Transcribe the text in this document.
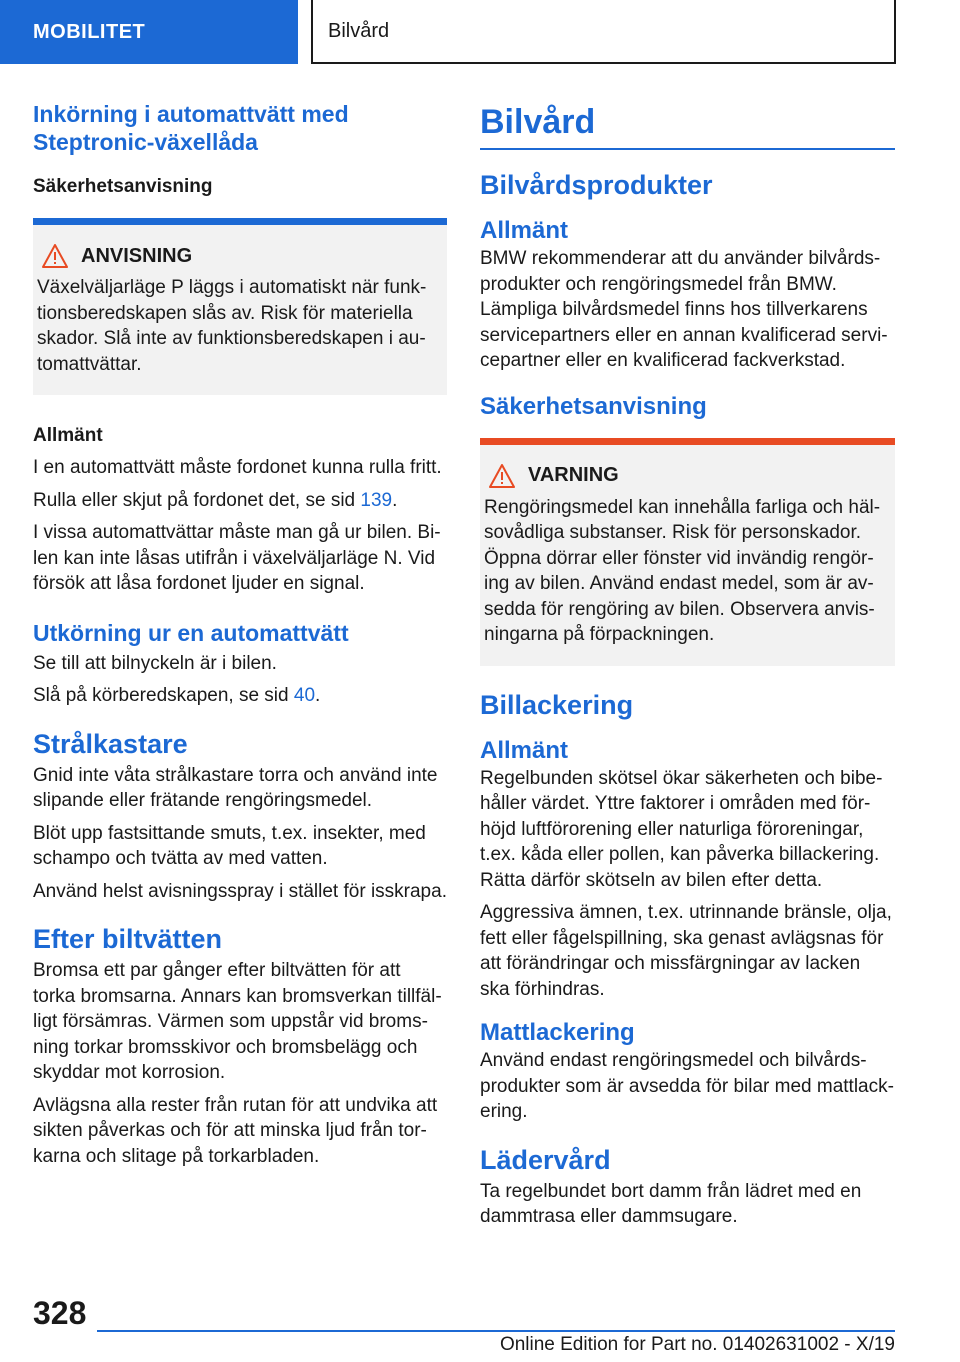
MOBILITET	Bilvård
Inkörning i automattvätt med Steptronic-växellåda
Säkerhetsanvisning
ANVISNING

Växelväljarläge P läggs i automatiskt när funk-tionsberedskapen slås av. Risk för materiella skador. Slå inte av funktionsberedskapen i au-tomattvättar.

Allmänt

I en automattvätt måste fordonet kunna rulla fritt.

Rulla eller skjut på fordonet det, se sid 139.

I vissa automattvättar måste man gå ur bilen. Bi-len kan inte låsas utifrån i växelväljarläge N. Vid försök att låsa fordonet ljuder en signal.

Utkörning ur en automattvätt

Se till att bilnyckeln är i bilen.

Slå på körberedskapen, se sid 40.

Strålkastare

Gnid inte våta strålkastare torra och använd inte slipande eller frätande rengöringsmedel.

Blöt upp fastsittande smuts, t.ex. insekter, med schampo och tvätta av med vatten.

Använd helst avisningsspray i stället för isskrapa.

Efter biltvätten

Bromsa ett par gånger efter biltvätten för att torka bromsarna. Annars kan bromsverkan tillfäl-ligt försämras. Värmen som uppstår vid broms-ning torkar bromsskivor och bromsbelägg och skyddar mot korrosion.

Avlägsna alla rester från rutan för att undvika att sikten påverkas och för att minska ljud från tor-karna och slitage på torkarbladen.

Bilvård
Bilvårdsprodukter
Allmänt

BMW rekommenderar att du använder bilvårds-produkter och rengöringsmedel från BMW. Lämpliga bilvårdsmedel finns hos tillverkarens servicepartners eller en annan kvalificerad servi-cepartner eller en kvalificerad fackverkstad.

Säkerhetsanvisning
VARNING

Rengöringsmedel kan innehålla farliga och häl-sovådliga substanser. Risk för personskador. Öppna dörrar eller fönster vid invändig rengör-ing av bilen. Använd endast medel, som är av-sedda för rengöring av bilen. Observera anvis-ningarna på förpackningen.

Billackering
Allmänt

Regelbunden skötsel ökar säkerheten och bibe-håller värdet. Yttre faktorer i områden med för-höjd luftförorening eller naturliga föroreningar, t.ex. kåda eller pollen, kan påverka billackering. Rätta därför skötseln av bilen efter detta.

Aggressiva ämnen, t.ex. utrinnande bränsle, olja, fett eller fågelspillning, ska genast avlägsnas för att förändringar och missfärgningar av lacken ska förhindras.

Mattlackering

Använd endast rengöringsmedel och bilvårds-produkter som är avsedda för bilar med mattlack-ering.

Lädervård

Ta regelbundet bort damm från lädret med en dammtrasa eller dammsugare.

328
Online Edition for Part no. 01402631002 - X/19
